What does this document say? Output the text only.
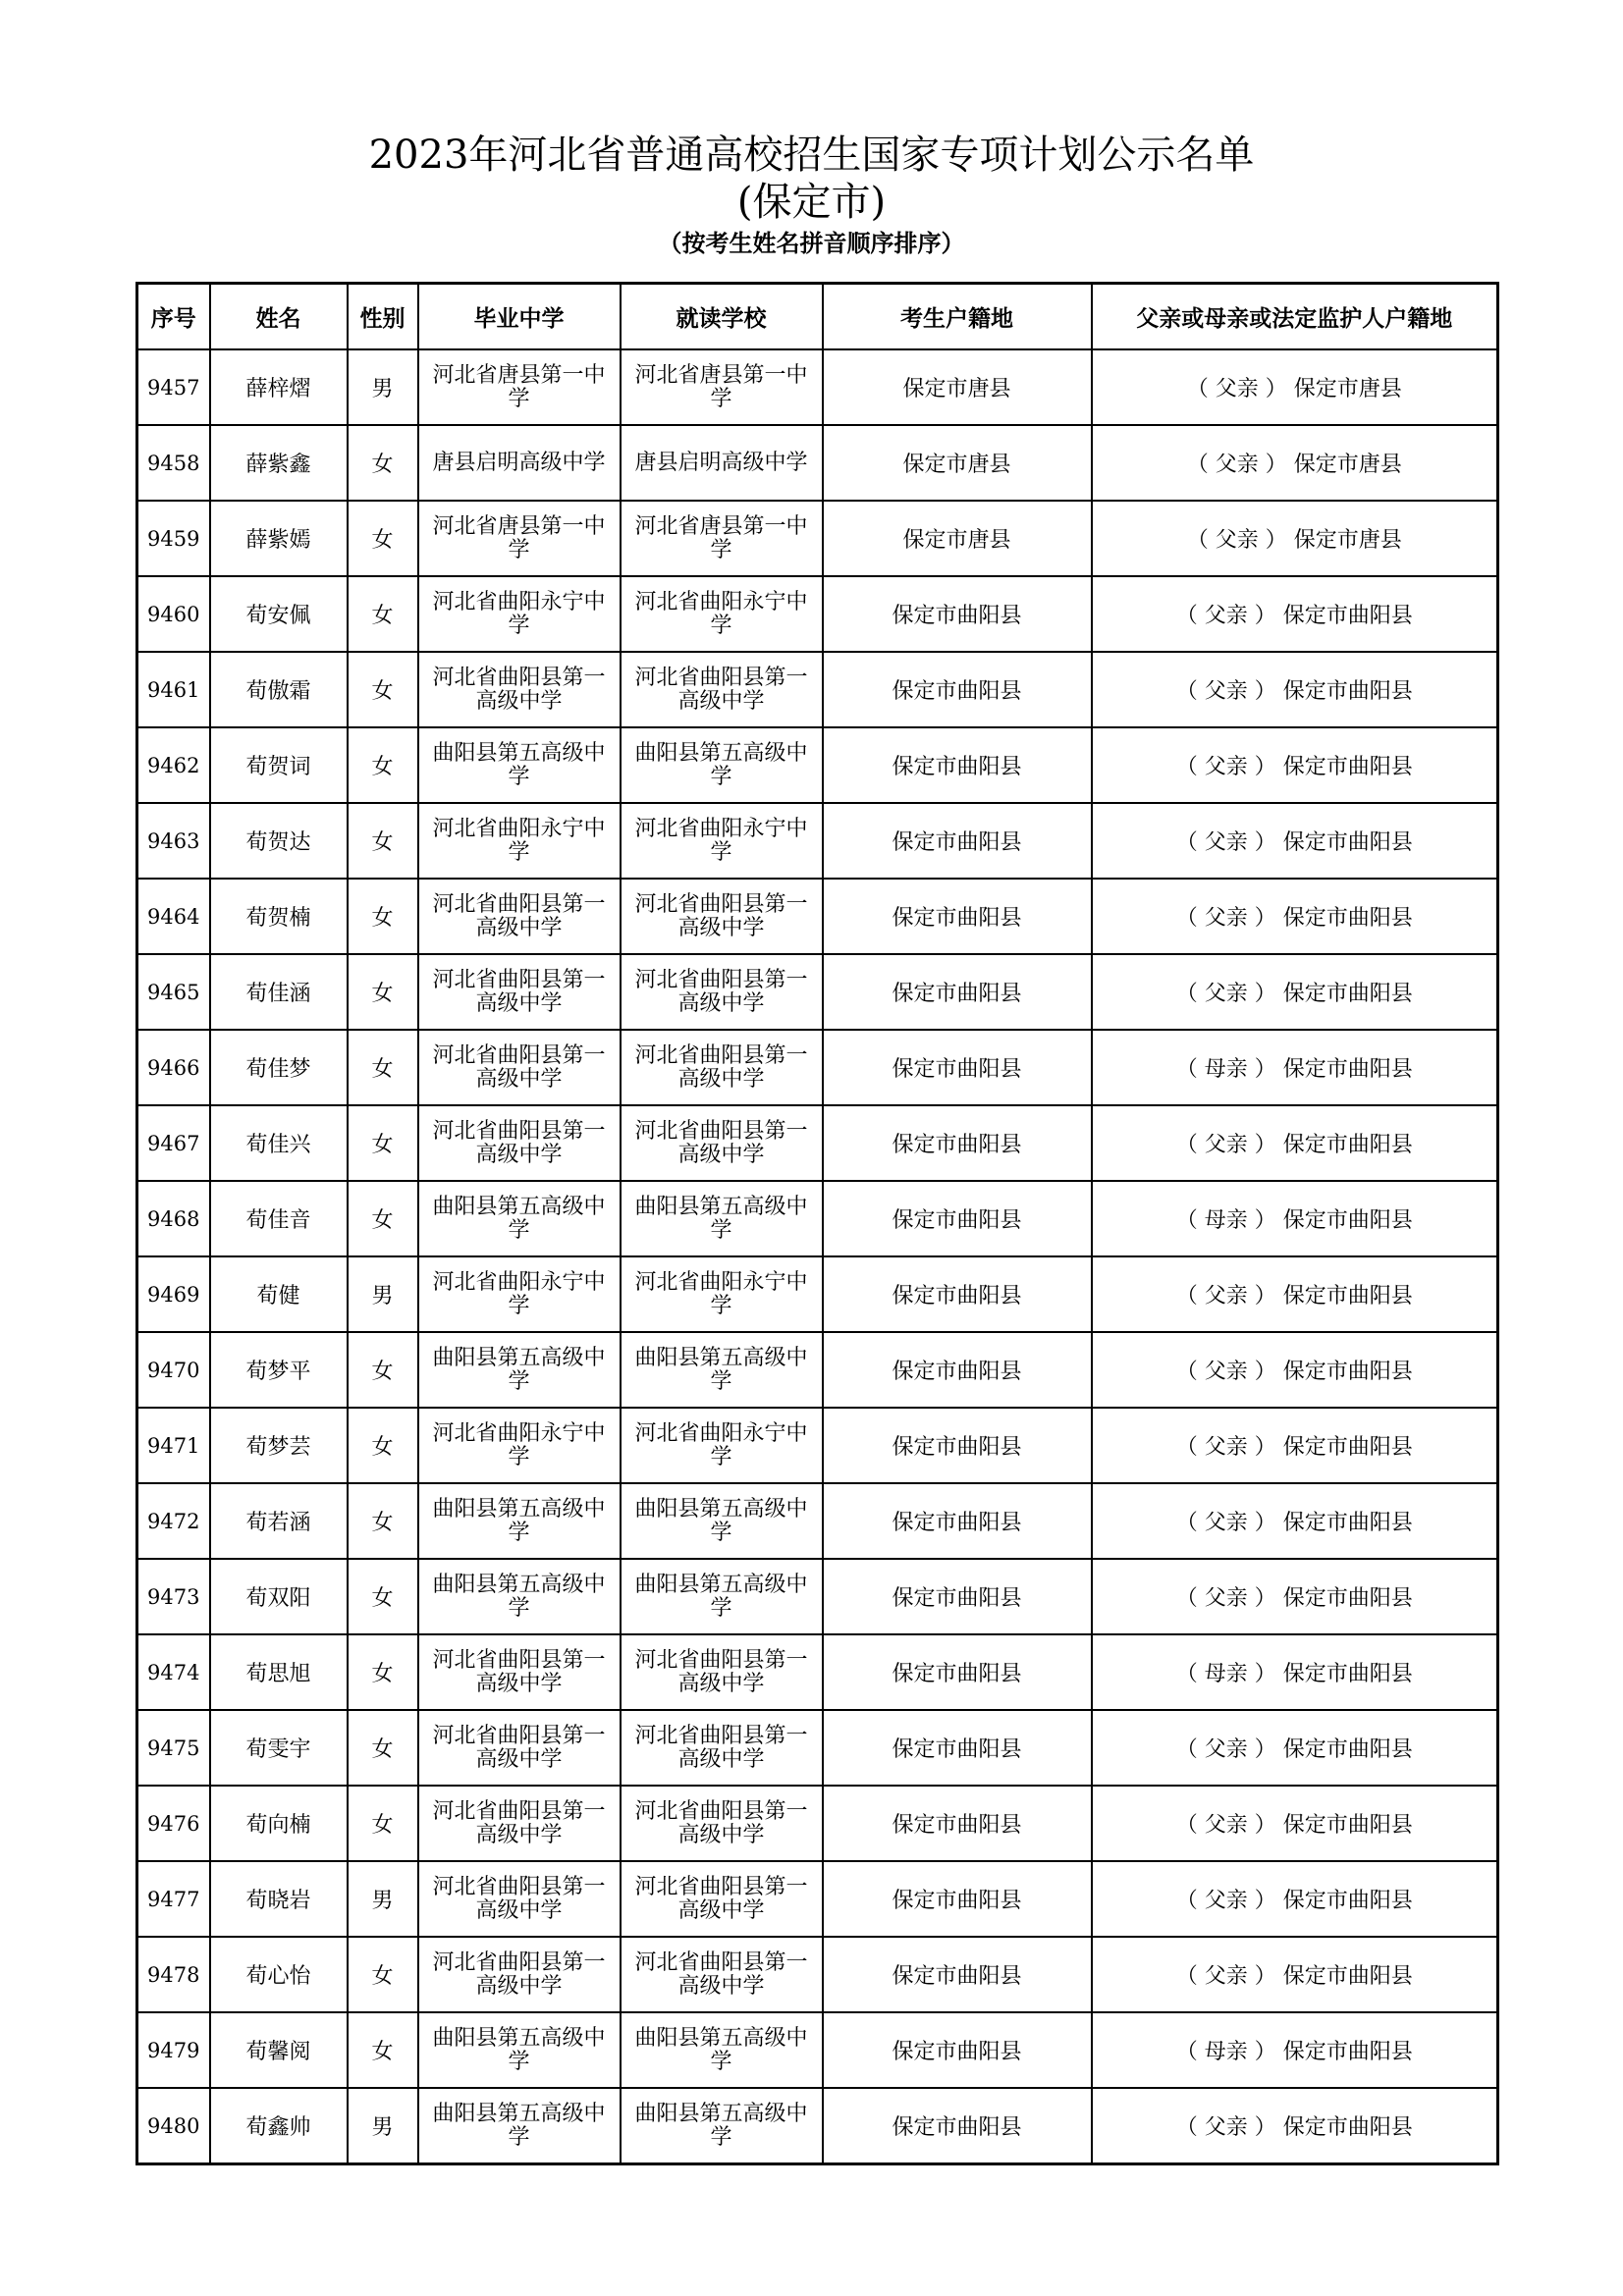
2023年河北省普通高校招生国家专项计划公示名单
(保定市)
（按考生姓名拼音顺序排序）
序号	姓名	性别	毕业中学	就读学校	考生户籍地	父亲或母亲或法定监护人户籍地
9457	薛梓熠	男	河北省唐县第一中学	河北省唐县第一中学	保定市唐县	（ 父亲 ） 保定市唐县
9458	薛紫鑫	女	唐县启明高级中学	唐县启明高级中学	保定市唐县	（ 父亲 ） 保定市唐县
9459	薛紫嫣	女	河北省唐县第一中学	河北省唐县第一中学	保定市唐县	（ 父亲 ） 保定市唐县
9460	荀安佩	女	河北省曲阳永宁中学	河北省曲阳永宁中学	保定市曲阳县	（ 父亲 ） 保定市曲阳县
9461	荀傲霜	女	河北省曲阳县第一高级中学	河北省曲阳县第一高级中学	保定市曲阳县	（ 父亲 ） 保定市曲阳县
9462	荀贺词	女	曲阳县第五高级中学	曲阳县第五高级中学	保定市曲阳县	（ 父亲 ） 保定市曲阳县
9463	荀贺达	女	河北省曲阳永宁中学	河北省曲阳永宁中学	保定市曲阳县	（ 父亲 ） 保定市曲阳县
9464	荀贺楠	女	河北省曲阳县第一高级中学	河北省曲阳县第一高级中学	保定市曲阳县	（ 父亲 ） 保定市曲阳县
9465	荀佳涵	女	河北省曲阳县第一高级中学	河北省曲阳县第一高级中学	保定市曲阳县	（ 父亲 ） 保定市曲阳县
9466	荀佳梦	女	河北省曲阳县第一高级中学	河北省曲阳县第一高级中学	保定市曲阳县	（ 母亲 ） 保定市曲阳县
9467	荀佳兴	女	河北省曲阳县第一高级中学	河北省曲阳县第一高级中学	保定市曲阳县	（ 父亲 ） 保定市曲阳县
9468	荀佳音	女	曲阳县第五高级中学	曲阳县第五高级中学	保定市曲阳县	（ 母亲 ） 保定市曲阳县
9469	荀健	男	河北省曲阳永宁中学	河北省曲阳永宁中学	保定市曲阳县	（ 父亲 ） 保定市曲阳县
9470	荀梦平	女	曲阳县第五高级中学	曲阳县第五高级中学	保定市曲阳县	（ 父亲 ） 保定市曲阳县
9471	荀梦芸	女	河北省曲阳永宁中学	河北省曲阳永宁中学	保定市曲阳县	（ 父亲 ） 保定市曲阳县
9472	荀若涵	女	曲阳县第五高级中学	曲阳县第五高级中学	保定市曲阳县	（ 父亲 ） 保定市曲阳县
9473	荀双阳	女	曲阳县第五高级中学	曲阳县第五高级中学	保定市曲阳县	（ 父亲 ） 保定市曲阳县
9474	荀思旭	女	河北省曲阳县第一高级中学	河北省曲阳县第一高级中学	保定市曲阳县	（ 母亲 ） 保定市曲阳县
9475	荀雯宇	女	河北省曲阳县第一高级中学	河北省曲阳县第一高级中学	保定市曲阳县	（ 父亲 ） 保定市曲阳县
9476	荀向楠	女	河北省曲阳县第一高级中学	河北省曲阳县第一高级中学	保定市曲阳县	（ 父亲 ） 保定市曲阳县
9477	荀晓岩	男	河北省曲阳县第一高级中学	河北省曲阳县第一高级中学	保定市曲阳县	（ 父亲 ） 保定市曲阳县
9478	荀心怡	女	河北省曲阳县第一高级中学	河北省曲阳县第一高级中学	保定市曲阳县	（ 父亲 ） 保定市曲阳县
9479	荀馨阅	女	曲阳县第五高级中学	曲阳县第五高级中学	保定市曲阳县	（ 母亲 ） 保定市曲阳县
9480	荀鑫帅	男	曲阳县第五高级中学	曲阳县第五高级中学	保定市曲阳县	（ 父亲 ） 保定市曲阳县
